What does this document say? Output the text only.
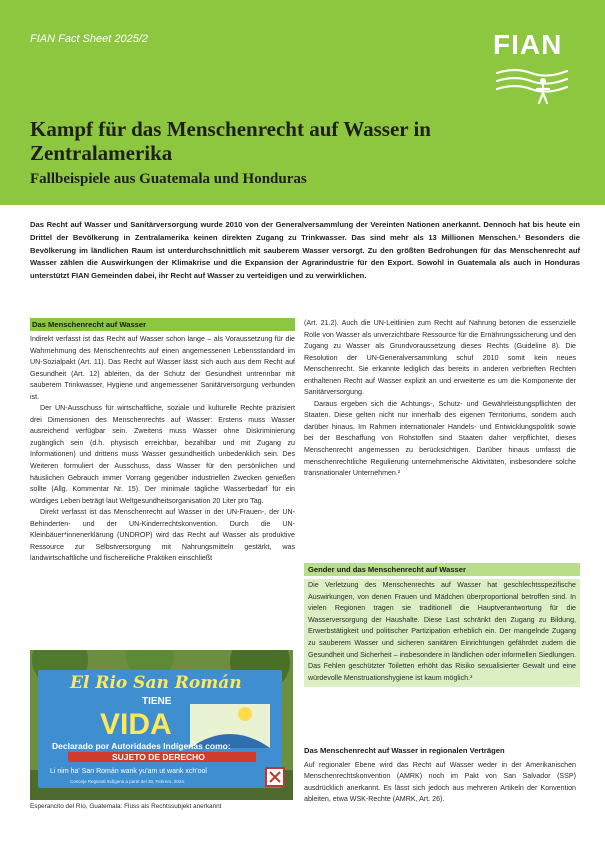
FIAN Fact Sheet 2025/2	FIAN
Kampf für das Menschenrecht auf Wasser in Zentralamerika
Fallbeispiele aus Guatemala und Honduras

Das Recht auf Wasser und Sanitärversorgung wurde 2010 von der Generalversammlung der Vereinten Nationen anerkannt. Dennoch hat bis heute ein Drittel der Bevölkerung in Zentralamerika keinen direkten Zugang zu Trinkwasser. Das sind mehr als 13 Millionen Menschen.¹ Besonders die Bevölkerung im ländlichen Raum ist unterdurchschnittlich mit sauberem Wasser versorgt. Zu den größten Bedrohungen für das Menschenrecht auf Wasser zählen die Auswirkungen der Klimakrise und die Expansion der Agrarindustrie für den Export. Sowohl in Guatemala als auch in Honduras unterstützt FIAN Gemeinden dabei, ihr Recht auf Wasser zu verteidigen und zu verwirklichen.

Das Menschenrecht auf Wasser

Indirekt verfasst ist das Recht auf Wasser schon lange – als Voraussetzung für die Wahrnehmung des Menschenrechts auf einen angemessenen Lebensstandard im UN-Sozialpakt (Art. 11). Das Recht auf Wasser lässt sich auch aus dem Recht auf Gesundheit (Art. 12) ableiten, da der Schutz der Gesundheit untrennbar mit sauberem Trinkwasser, Hygiene und angemessener Sanitärversorgung verbunden ist.

Der UN-Ausschuss für wirtschaftliche, soziale und kulturelle Rechte präzisiert drei Dimensionen des Menschenrechts auf Wasser: Erstens muss Wasser ausreichend verfügbar sein. Zweitens muss Wasser ohne Diskriminierung zugänglich sein (d.h. physisch erreichbar, bezahlbar und mit Zugang zu Informationen) und drittens muss Wasser gesundheitlich unbedenklich sein. Des Weiteren formuliert der Ausschuss, dass Wasser für den persönlichen und häuslichen Gebrauch immer Vorrang gegenüber industriellen Zwecken genießen sollte (Allg. Kommentar Nr. 15). Der minimale tägliche Wasserbedarf für ein würdiges Leben beträgt laut Weltgesundheitsorganisation 20 Liter pro Tag.

Direkt verfasst ist das Menschenrecht auf Wasser in der UN-Frauen-, der UN-Behinderten- und der UN-Kinderrechtskonvention. Durch die UN-Kleinbäuer*innenerklärung (UNDROP) wird das Recht auf Wasser als produktive Ressource zur Selbstversorgung mit Nahrungsmitteln gestärkt, was landwirtschaftliche und fischereiliche Praktiken einschließt

(Art. 21.2). Auch die UN-Leitlinien zum Recht auf Nahrung betonen die essenzielle Rolle von Wasser als unverzichtbare Ressource für die Ernährungssicherung und den Zugang zu Wasser als Grundvoraussetzung dieses Rechts (Guideline 8). Die Resolution der UN-Generalversammlung schuf 2010 somit kein neues Menschenrecht. Sie erkannte lediglich das bereits in anderen verbrieften Rechten enthaltenen Recht auf Wasser explizit an und erweiterte es um die Komponente der Sanitärversorgung.

Daraus ergeben sich die Achtungs-, Schutz- und Gewährleistungspflichten der Staaten. Diese gelten nicht nur innerhalb des eigenen Territoriums, sondern auch darüber hinaus. Im Rahmen internationaler Handels- und Entwicklungspolitik sowie bei der Beschaffung von Rohstoffen sind Staaten daher verpflichtet, dieses Menschenrecht angemessen zu berücksichtigen. Darüber hinaus umfasst die menschenrechtliche Regulierung unternehmerische Aktivitäten, insbesondere solche transnationaler Unternehmen.²

Gender und das Menschenrecht auf Wasser
Die Verletzung des Menschenrechts auf Wasser hat geschlechtsspezifische Auswirkungen, von denen Frauen und Mädchen überproportional betroffen sind. In vielen Regionen tragen sie traditionell die Hauptverantwortung für die Wasserversorgung der Haushalte. Diese Last schränkt den Zugang zu Bildung, Erwerbstätigkeit und politischer Partizipation erheblich ein. Der mangelnde Zugang zu sauberem Wasser und sicheren sanitären Einrichtungen gefährdet zudem die Gesundheit und Sicherheit – insbesondere in ländlichen oder informellen Siedlungen. Das Fehlen geschützter Toiletten erhöht das Risiko sexualisierter Gewalt und eine würdevolle Menstruationshygiene ist kaum möglich.³
Das Menschenrecht auf Wasser in regionalen Verträgen
Auf regionaler Ebene wird das Recht auf Wasser weder in der Amerikanischen Menschenrechtskonvention (AMRK) noch im Pakt von San Salvador (SSP) ausdrücklich anerkannt. Es lässt sich jedoch aus mehreren Artikeln der Konvention ableiten, etwa WSK-Rechte (AMRK, Art. 26).
El Rio San Román
TIENE
VIDA
Declarado por Autoridades Indígenas como:
SUJETO DE DERECHO
Li nim ha' San Román wank yu'am ut wank xch'ool
Concejo Regional Indígena a partir del 30, Febrero, 2024.
Esperancito del Río, Guatemala: Fluss als Rechtssubjekt anerkannt
